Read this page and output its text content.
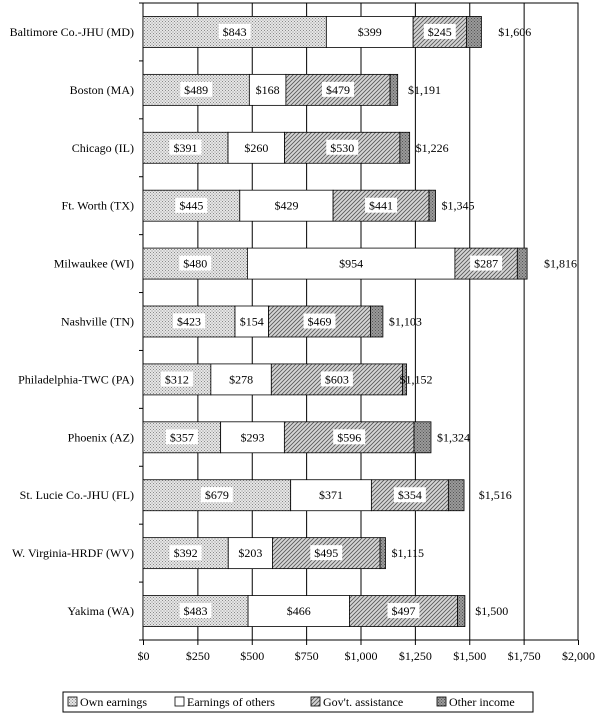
$0	$250	$500	$750 $1,000 $1,250 $1,500 $1,750 $2,000
Baltimore Co.-JHU (MD)	$843	$399	$245	$1,606
Boston (MA)	$489	$168	$479	$1,191
Chicago (IL)	$391	$260	$530	$1,226
Ft. Worth (TX)	$445	$429	$441	$1,345
Milwaukee (WI)	$480	$954	$287	$1,816
Nashville (TN)	$423	$154	$469	$1,103
Philadelphia-TWC (PA)	$312	$278	$603	$1,152
Phoenix (AZ)	$357	$293	$596	$1,324
St. Lucie Co.-JHU (FL)	$679	$371	$354	$1,516
W. Virginia-HRDF (WV)	$392	$203	$495	$1,115
Yakima (WA)	$483	$466	$497	$1,500
Own earnings	Earnings of others	Gov't. assistance	Other income
